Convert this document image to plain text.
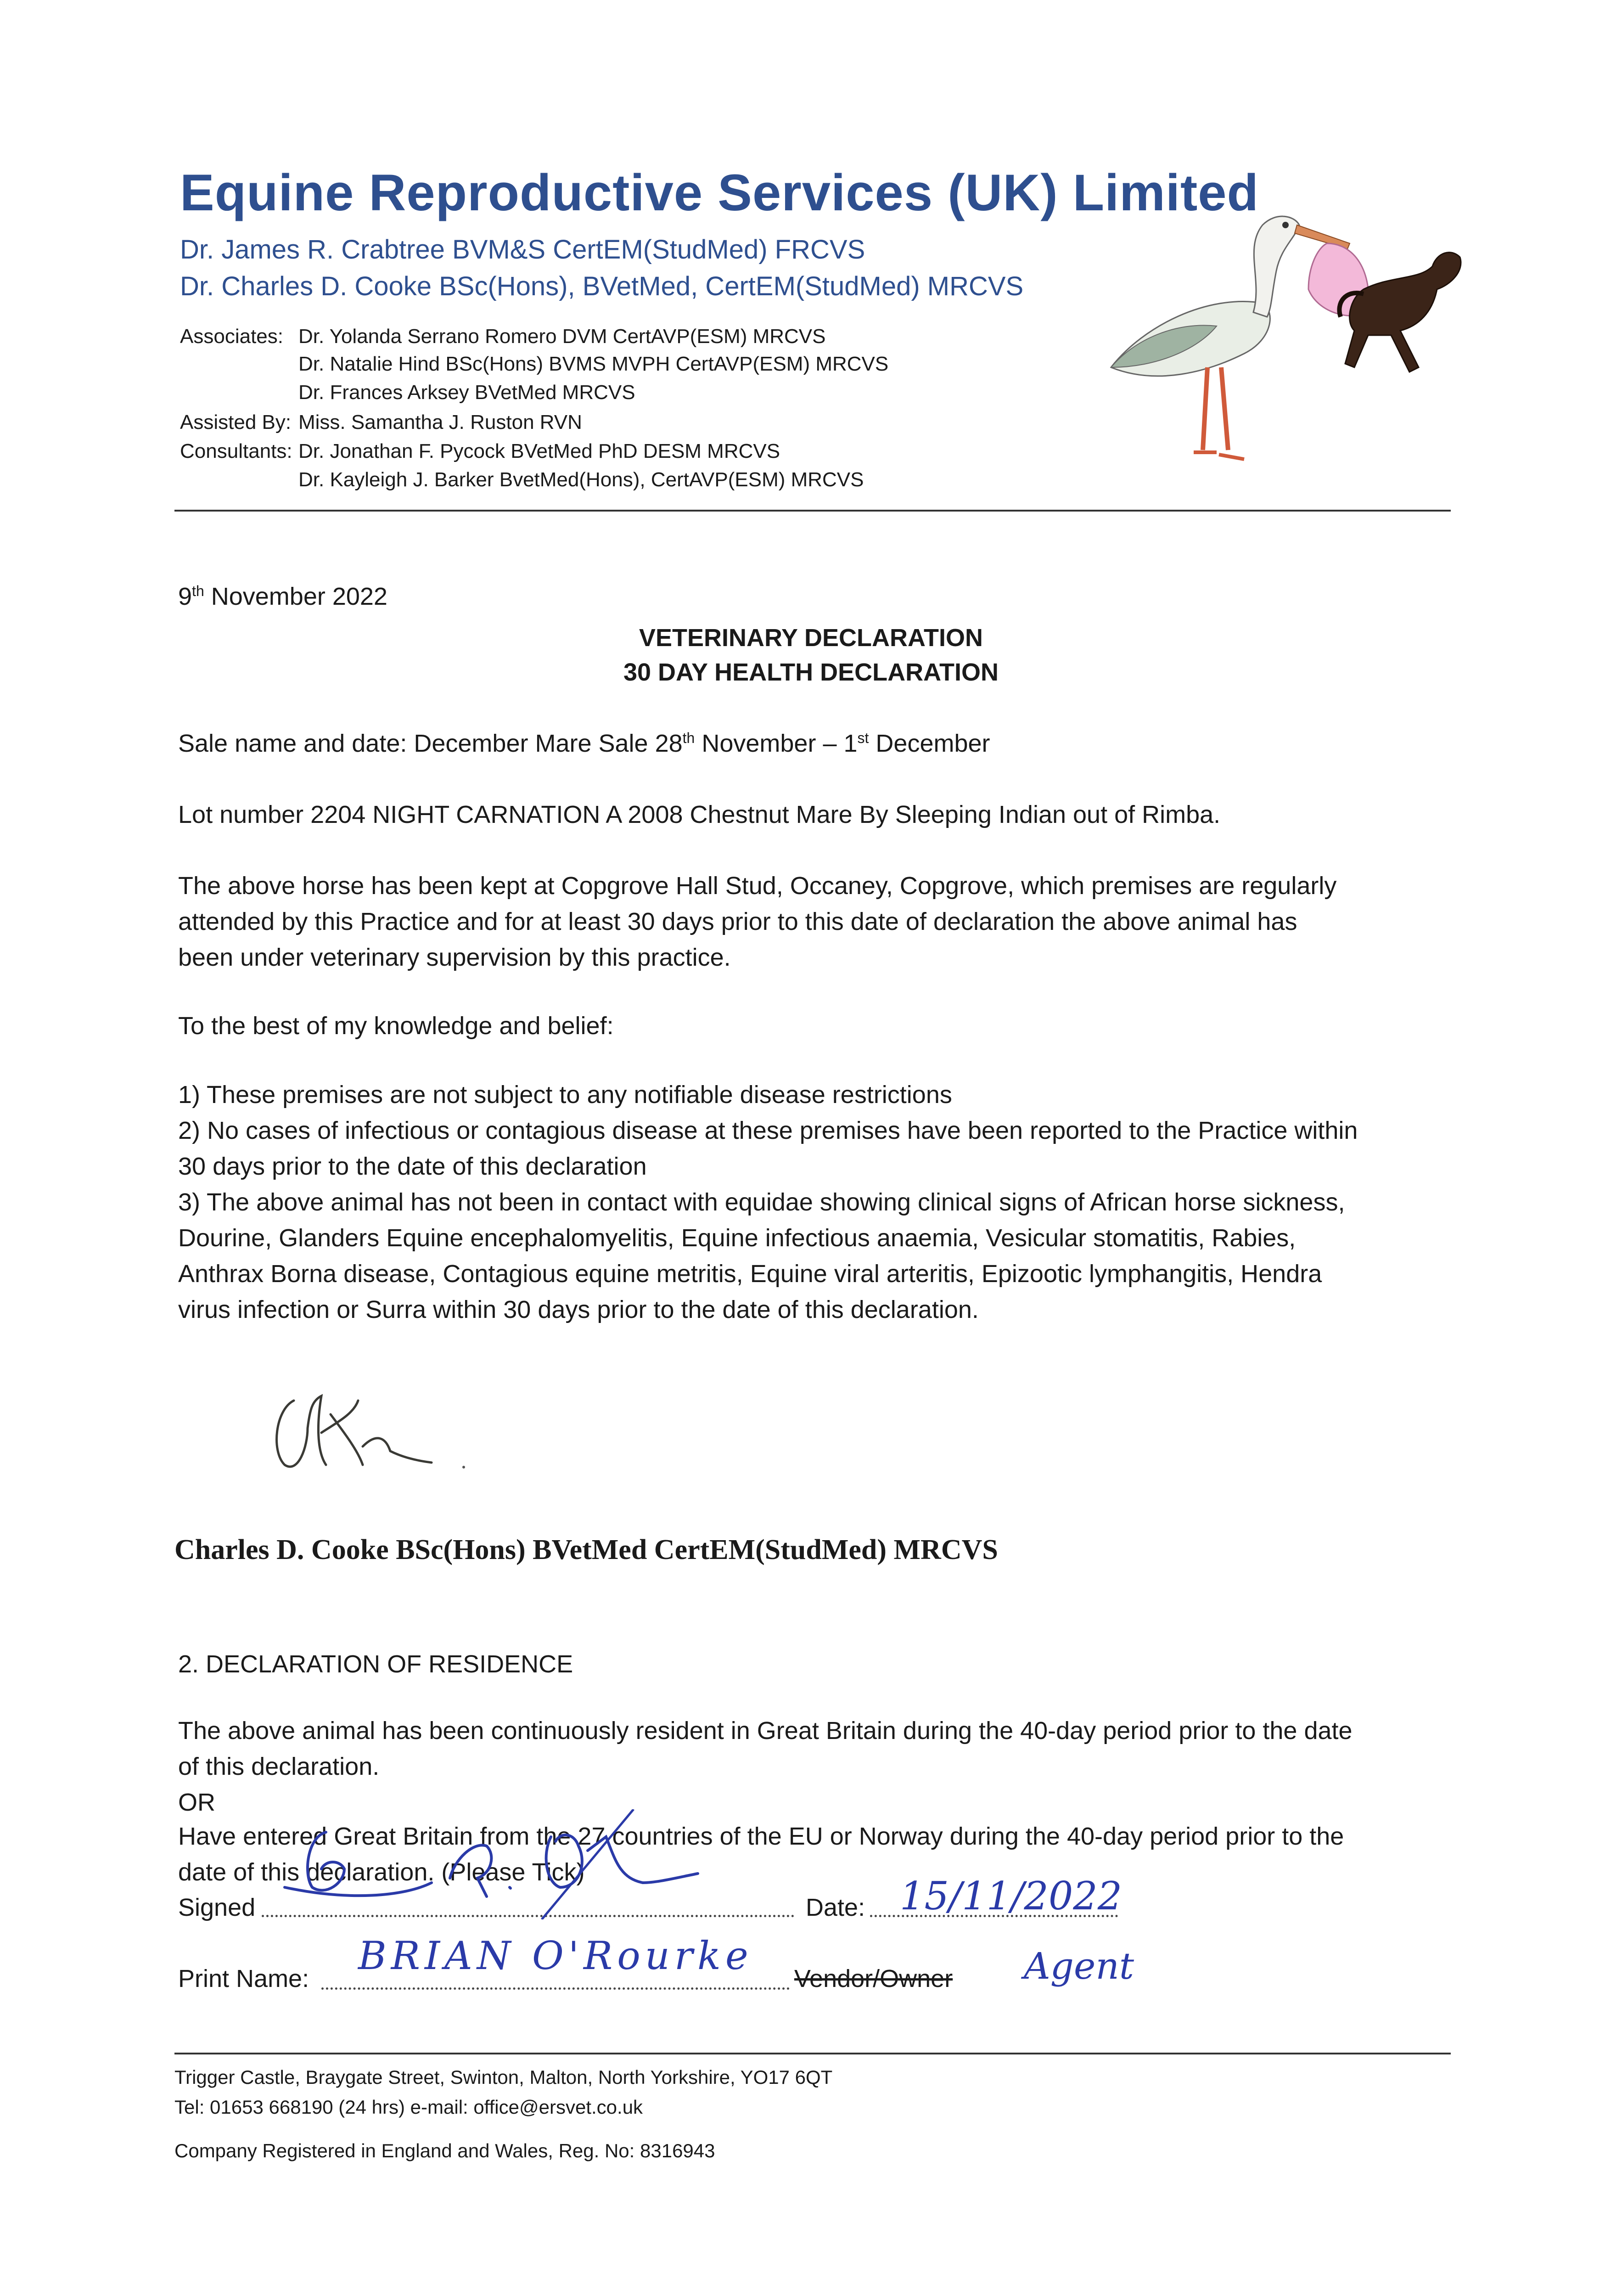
Equine Reproductive Services (UK) Limited
Dr. James R. Crabtree BVM&S CertEM(StudMed) FRCVS
Dr. Charles D. Cooke BSc(Hons), BVetMed, CertEM(StudMed) MRCVS
Associates: Dr. Yolanda Serrano Romero DVM CertAVP(ESM) MRCVS
Dr. Natalie Hind BSc(Hons) BVMS MVPH CertAVP(ESM) MRCVS
Dr. Frances Arksey BVetMed MRCVS
Assisted By: Miss. Samantha J. Ruston RVN
Consultants: Dr. Jonathan F. Pycock BVetMed PhD DESM MRCVS
Dr. Kayleigh J. Barker BvetMed(Hons), CertAVP(ESM) MRCVS
9th November 2022
VETERINARY DECLARATION
30 DAY HEALTH DECLARATION
Sale name and date: December Mare Sale 28th November – 1st December
Lot number 2204 NIGHT CARNATION A 2008 Chestnut Mare By Sleeping Indian out of Rimba.
The above horse has been kept at Copgrove Hall Stud, Occaney, Copgrove, which premises are regularly
attended by this Practice and for at least 30 days prior to this date of declaration the above animal has
been under veterinary supervision by this practice.
To the best of my knowledge and belief:
1) These premises are not subject to any notifiable disease restrictions
2) No cases of infectious or contagious disease at these premises have been reported to the Practice within
30 days prior to the date of this declaration
3) The above animal has not been in contact with equidae showing clinical signs of African horse sickness,
Dourine, Glanders Equine encephalomyelitis, Equine infectious anaemia, Vesicular stomatitis, Rabies,
Anthrax Borna disease, Contagious equine metritis, Equine viral arteritis, Epizootic lymphangitis, Hendra
virus infection or Surra within 30 days prior to the date of this declaration.
Charles D. Cooke BSc(Hons) BVetMed CertEM(StudMed) MRCVS
2. DECLARATION OF RESIDENCE
The above animal has been continuously resident in Great Britain during the 40-day period prior to the date
of this declaration.
OR
Have entered Great Britain from the 27 countries of the EU or Norway during the 40-day period prior to the
date of this declaration. (Please Tick)
Signed	Date: 15/11/2022
Print Name:
BRIAN O'Rourke
Vendor/Owner Agent
Trigger Castle, Braygate Street, Swinton, Malton, North Yorkshire, YO17 6QT
Tel: 01653 668190 (24 hrs) e-mail: office@ersvet.co.uk
Company Registered in England and Wales, Reg. No: 8316943
